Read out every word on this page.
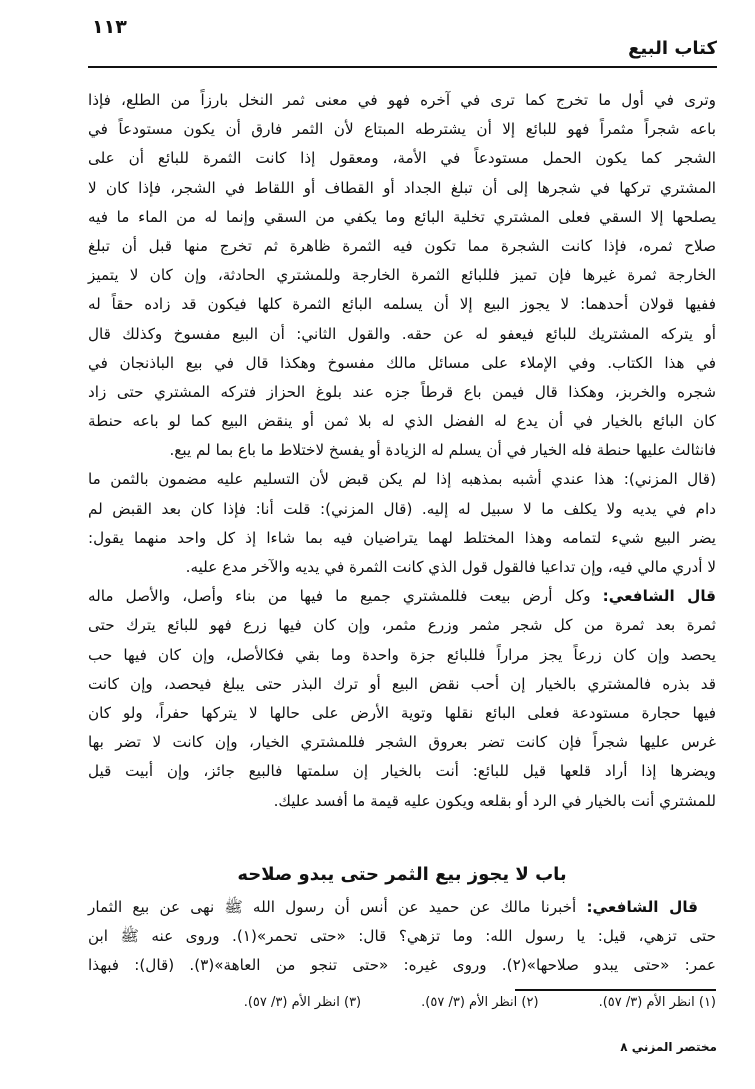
١١٣
كتاب البيع
وترى في أول ما تخرج كما ترى في آخره فهو في معنى ثمر النخل بارزاً من الطلع، فإذا
باعه شجراً مثمراً فهو للبائع إلا أن يشترطه المبتاع لأن الثمر فارق أن يكون مستودعاً في
الشجر كما يكون الحمل مستودعاً في الأمة، ومعقول إذا كانت الثمرة للبائع أن على
المشتري تركها في شجرها إلى أن تبلغ الجداد أو القطاف أو اللقاط في الشجر، فإذا كان لا
يصلحها إلا السقي فعلى المشتري تخلية البائع وما يكفي من السقي وإنما له من الماء ما فيه
صلاح ثمره، فإذا كانت الشجرة مما تكون فيه الثمرة ظاهرة ثم تخرج منها قبل أن تبلغ
الخارجة ثمرة غيرها فإن تميز فللبائع الثمرة الخارجة وللمشتري الحادثة، وإن كان لا يتميز
ففيها قولان أحدهما: لا يجوز البيع إلا أن يسلمه البائع الثمرة كلها فيكون قد زاده حقاً له
أو يتركه المشتريك للبائع فيعفو له عن حقه. والقول الثاني: أن البيع مفسوخ وكذلك قال
في هذا الكتاب. وفي الإملاء على مسائل مالك مفسوخ وهكذا قال في بيع الباذنجان في
شجره والخربز، وهكذا قال فيمن باع قرطاً جزه عند بلوغ الحزاز فتركه المشتري حتى زاد
كان البائع بالخيار في أن يدع له الفضل الذي له بلا ثمن أو ينقض البيع كما لو باعه حنطة
فانثالث عليها حنطة فله الخيار في أن يسلم له الزيادة أو يفسخ لاختلاط ما باع بما لم يبع.
(قال المزني): هذا عندي أشبه بمذهبه إذا لم يكن قبض لأن التسليم عليه مضمون بالثمن ما
دام في يديه ولا يكلف ما لا سبيل له إليه. (قال المزني): قلت أنا: فإذا كان بعد القبض لم
يضر البيع شيء لتمامه وهذا المختلط لهما يتراضيان فيه بما شاءا إذ كل واحد منهما يقول:
لا أدري مالي فيه، وإن تداعيا فالقول قول الذي كانت الثمرة في يديه والآخر مدع عليه.
قال الشافعي: وكل أرض بيعت فللمشتري جميع ما فيها من بناء وأصل، والأصل ماله
ثمرة بعد ثمرة من كل شجر مثمر وزرع مثمر، وإن كان فيها زرع فهو للبائع يترك حتى
يحصد وإن كان زرعاً يجز مراراً فللبائع جزة واحدة وما بقي فكالأصل، وإن كان فيها حب
قد بذره فالمشتري بالخيار إن أحب نقض البيع أو ترك البذر حتى يبلغ فيحصد، وإن كانت
فيها حجارة مستودعة فعلى البائع نقلها وتوية الأرض على حالها لا يتركها حفراً، ولو كان
غرس عليها شجراً فإن كانت تضر بعروق الشجر فللمشتري الخيار، وإن كانت لا تضر بها
ويضرها إذا أراد قلعها قيل للبائع: أنت بالخيار إن سلمتها فالبيع جائز، وإن أبيت قيل
للمشتري أنت بالخيار في الرد أو بقلعه ويكون عليه قيمة ما أفسد عليك.
باب لا يجوز بيع الثمر حتى يبدو صلاحه
قال الشافعي: أخبرنا مالك عن حميد عن أنس أن رسول الله ﷺ نهى عن بيع الثمار
حتى تزهي، قيل: يا رسول الله: وما تزهي؟ قال: «حتى تحمر»(١). وروى عنه ﷺ ابن
عمر: «حتى يبدو صلاحها»(٢). وروى غيره: «حتى تنجو من العاهة»(٣). (قال): فبهذا
(١) انظر الأم (٣/ ٥٧).
(٢) انظر الأم (٣/ ٥٧).
(٣) انظر الأم (٣/ ٥٧).
مختصر المزني ٨
